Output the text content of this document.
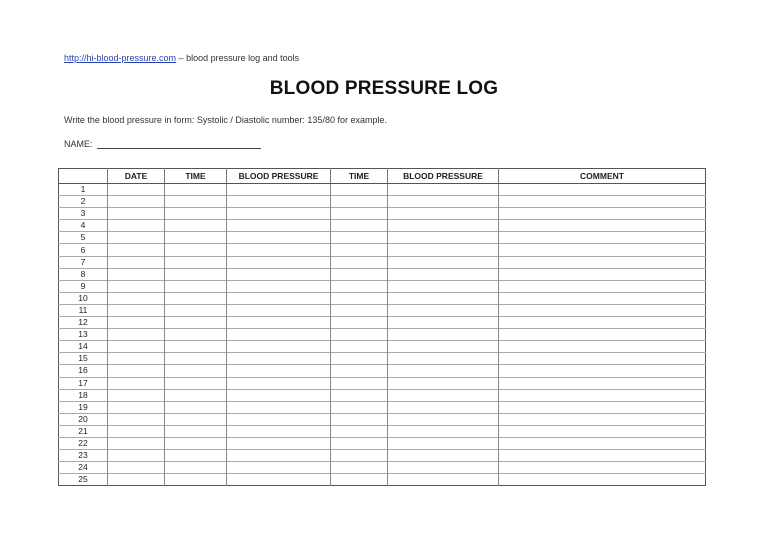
http://hi-blood-pressure.com – blood pressure log and tools
BLOOD PRESSURE LOG
Write the blood pressure in form: Systolic / Diastolic number: 135/80 for example.
NAME:
	DATE	TIME	BLOOD PRESSURE	TIME	BLOOD PRESSURE	COMMENT
1						
2						
3						
4						
5						
6						
7						
8						
9						
10						
11						
12						
13						
14						
15						
16						
17						
18						
19						
20						
21						
22						
23						
24						
25						
